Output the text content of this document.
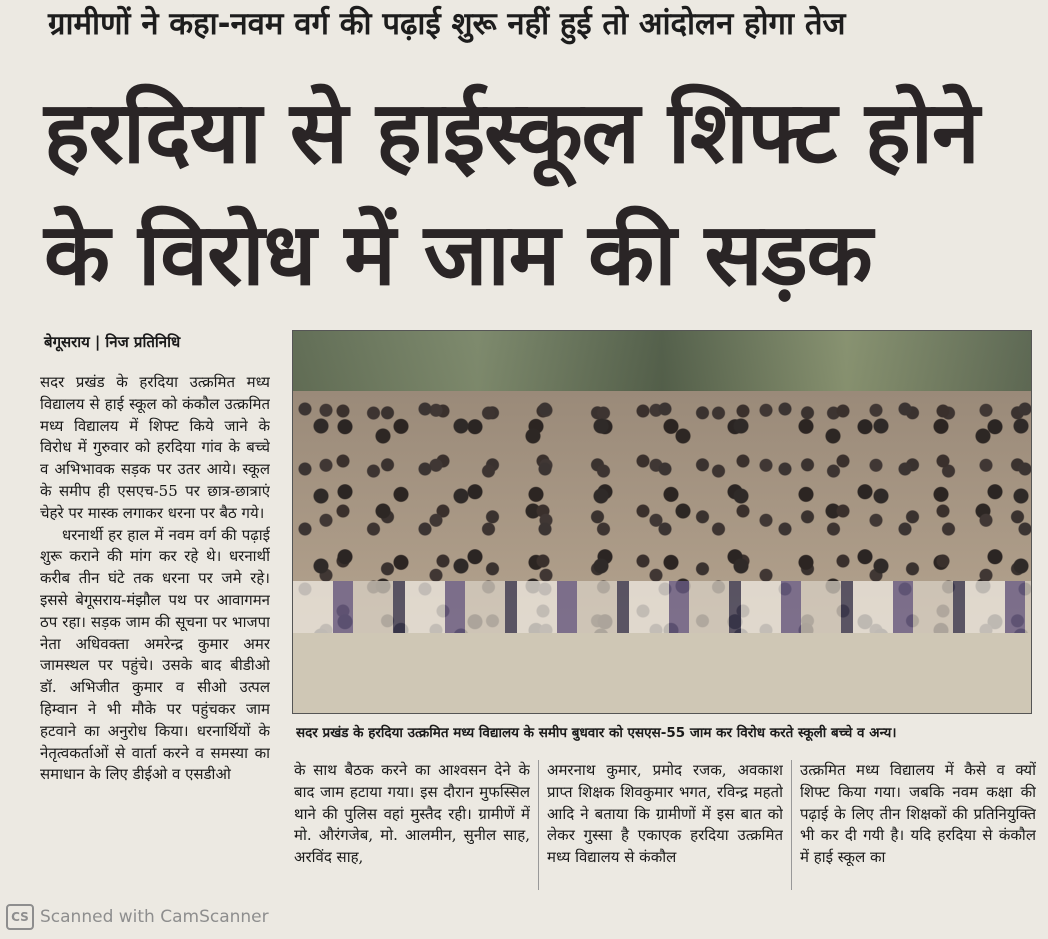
ग्रामीणों ने कहा-नवम वर्ग की पढ़ाई शुरू नहीं हुई तो आंदोलन होगा तेज
हरदिया से हाईस्कूल शिफ्ट होने
के विरोध में जाम की सड़क
बेगूसराय | निज प्रतिनिधि

सदर प्रखंड के हरदिया उत्क्रमित मध्य विद्यालय से हाई स्कूल को कंकौल उत्क्रमित मध्य विद्यालय में शिफ्ट किये जाने के विरोध में गुरुवार को हरदिया गांव के बच्चे व अभिभावक सड़क पर उतर आये। स्कूल के समीप ही एसएच-55 पर छात्र-छात्राएं चेहरे पर मास्क लगाकर धरना पर बैठ गये।

धरनार्थी हर हाल में नवम वर्ग की पढ़ाई शुरू कराने की मांग कर रहे थे। धरनार्थी करीब तीन घंटे तक धरना पर जमे रहे। इससे बेगूसराय-मंझौल पथ पर आवागमन ठप रहा। सड़क जाम की सूचना पर भाजपा नेता अधिवक्ता अमरेन्द्र कुमार अमर जामस्थल पर पहुंचे। उसके बाद बीडीओ डॉ. अभिजीत कुमार व सीओ उत्पल हिम्वान ने भी मौके पर पहुंचकर जाम हटवाने का अनुरोध किया। धरनार्थियों के नेतृत्वकर्ताओं से वार्ता करने व समस्या का समाधान के लिए डीईओ व एसडीओ

सदर प्रखंड के हरदिया उत्क्रमित मध्य विद्यालय के समीप बुधवार को एसएस-55 जाम कर विरोध करते स्कूली बच्चे व अन्य।

के साथ बैठक करने का आश्वसन देने के बाद जाम हटाया गया। इस दौरान मुफस्सिल थाने की पुलिस वहां मुस्तैद रही। ग्रामीणें में मो. औरंगजेब, मो. आलमीन, सुनील साह, अरविंद साह,

अमरनाथ कुमार, प्रमोद रजक, अवकाश प्राप्त शिक्षक शिवकुमार भगत, रविन्द्र महतो आदि ने बताया कि ग्रामीणों में इस बात को लेकर गुस्सा है एकाएक हरदिया उत्क्रमित मध्य विद्यालय से कंकौल

उत्क्रमित मध्य विद्यालय में कैसे व क्यों शिफ्ट किया गया। जबकि नवम कक्षा की पढ़ाई के लिए तीन शिक्षकों की प्रतिनियुक्ति भी कर दी गयी है। यदि हरदिया से कंकौल में हाई स्कूल का

CS Scanned with CamScanner
